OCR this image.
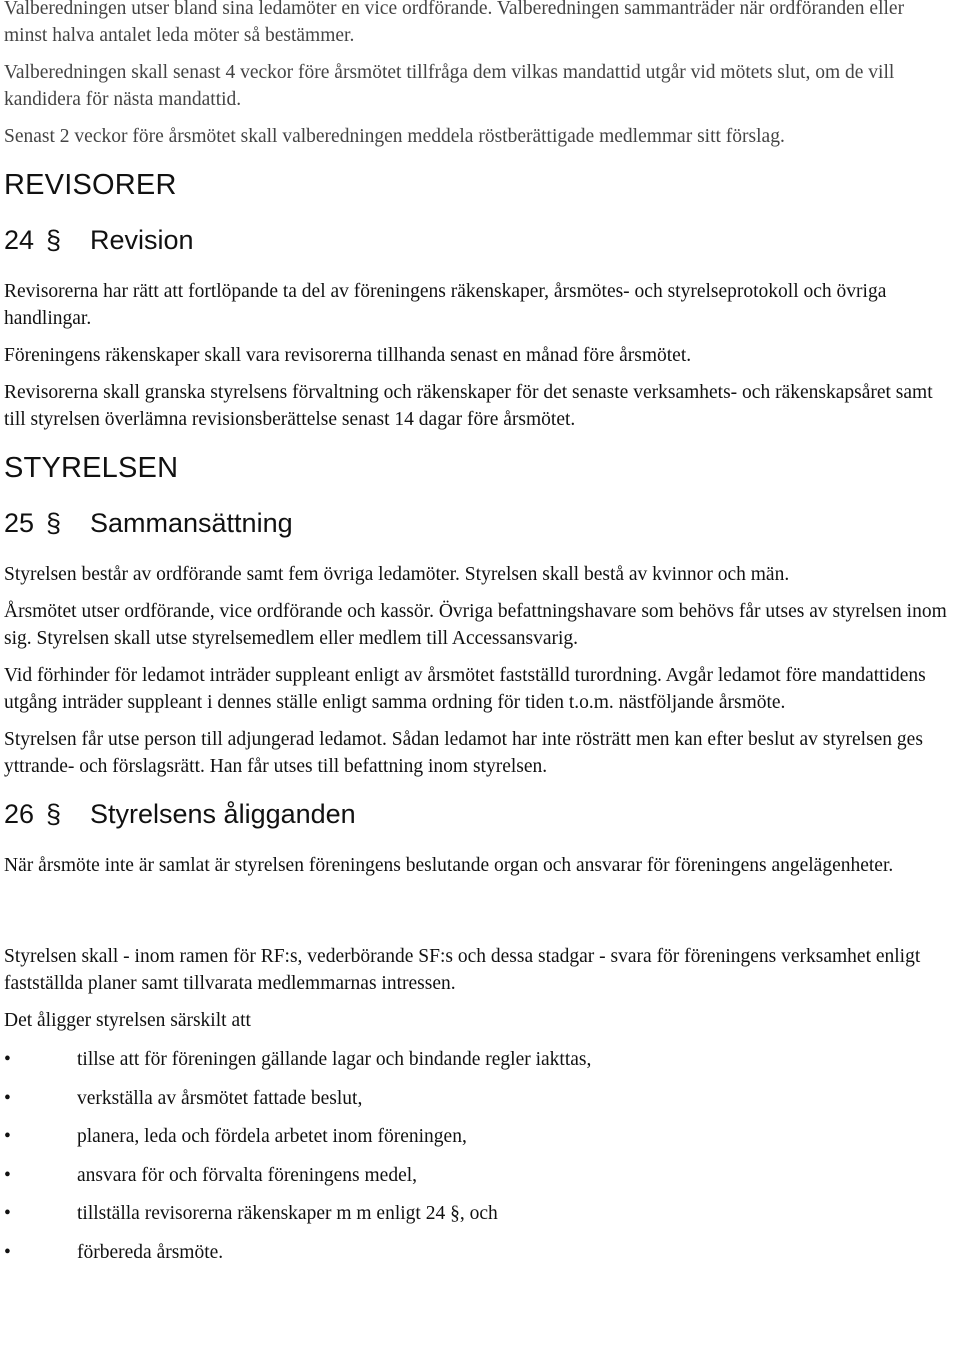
Valberedningen utser bland sina ledamöter en vice ordförande. Valberedningen sammanträder när ordföranden eller minst halva antalet leda möter så bestämmer.

Valberedningen skall senast 4 veckor före årsmötet tillfråga dem vilkas mandattid utgår vid mötets slut, om de vill kandidera för nästa mandattid.

Senast 2 veckor före årsmötet skall valberedningen meddela röstberättigade medlemmar sitt förslag.

REVISORER
24 §	Revision

Revisorerna har rätt att fortlöpande ta del av föreningens räkenskaper, årsmötes- och styrelseprotokoll och övriga handlingar.

Föreningens räkenskaper skall vara revisorerna tillhanda senast en månad före årsmötet.

Revisorerna skall granska styrelsens förvaltning och räkenskaper för det senaste verksamhets- och räkenskapsåret samt till styrelsen överlämna revisionsberättelse senast 14 dagar före årsmötet.

STYRELSEN
25 §	Sammansättning

Styrelsen består av ordförande samt fem övriga ledamöter. Styrelsen skall bestå av kvinnor och män.

Årsmötet utser ordförande, vice ordförande och kassör. Övriga befattningshavare som behövs får utses av styrelsen inom sig. Styrelsen skall utse styrelsemedlem eller medlem till Accessansvarig.

Vid förhinder för ledamot inträder suppleant enligt av årsmötet fastställd turordning. Avgår ledamot före mandattidens utgång inträder suppleant i dennes ställe enligt samma ordning för tiden t.o.m. nästföljande årsmöte.

Styrelsen får utse person till adjungerad ledamot. Sådan ledamot har inte rösträtt men kan efter beslut av styrelsen ges yttrande- och förslagsrätt. Han får utses till befattning inom styrelsen.

26 §	Styrelsens åligganden

När årsmöte inte är samlat är styrelsen föreningens beslutande organ och ansvarar för föreningens angelägenheter.

Styrelsen skall - inom ramen för RF:s, vederbörande SF:s och dessa stadgar - svara för föreningens verksamhet enligt fastställda planer samt tillvarata medlemmarnas intressen.

Det åligger styrelsen särskilt att

•	tillse att för föreningen gällande lagar och bindande regler iakttas,
•	verkställa av årsmötet fattade beslut,
•	planera, leda och fördela arbetet inom föreningen,
•	ansvara för och förvalta föreningens medel,
•	tillställa revisorerna räkenskaper m m enligt 24 §, och
•	förbereda årsmöte.
